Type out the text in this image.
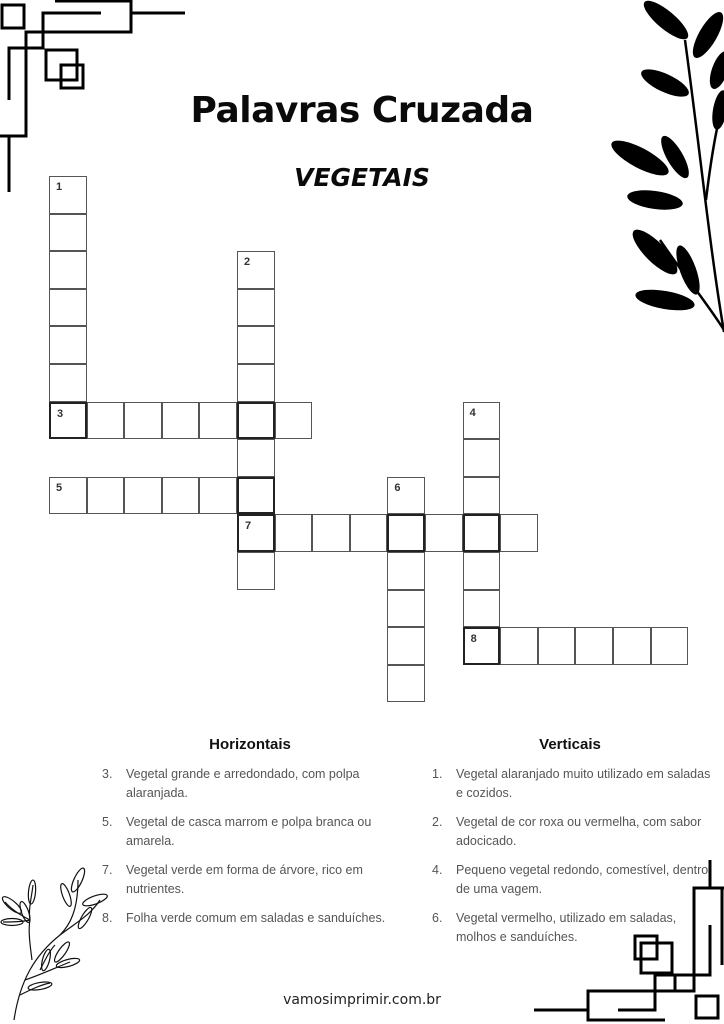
Palavras Cruzada
VEGETAIS
1
3
2
7
4
8
5	6
Horizontais
3.	Vegetal grande e arredondado, com polpa alaranjada.
5.	Vegetal de casca marrom e polpa branca ou amarela.
7.	Vegetal verde em forma de árvore, rico em nutrientes.
8.	Folha verde comum em saladas e sanduíches.
Verticais
1.	Vegetal alaranjado muito utilizado em saladas e cozidos.
2.	Vegetal de cor roxa ou vermelha, com sabor adocicado.
4.	Pequeno vegetal redondo, comestível, dentro de uma vagem.
6.	Vegetal vermelho, utilizado em saladas, molhos e sanduíches.
vamosimprimir.com.br
